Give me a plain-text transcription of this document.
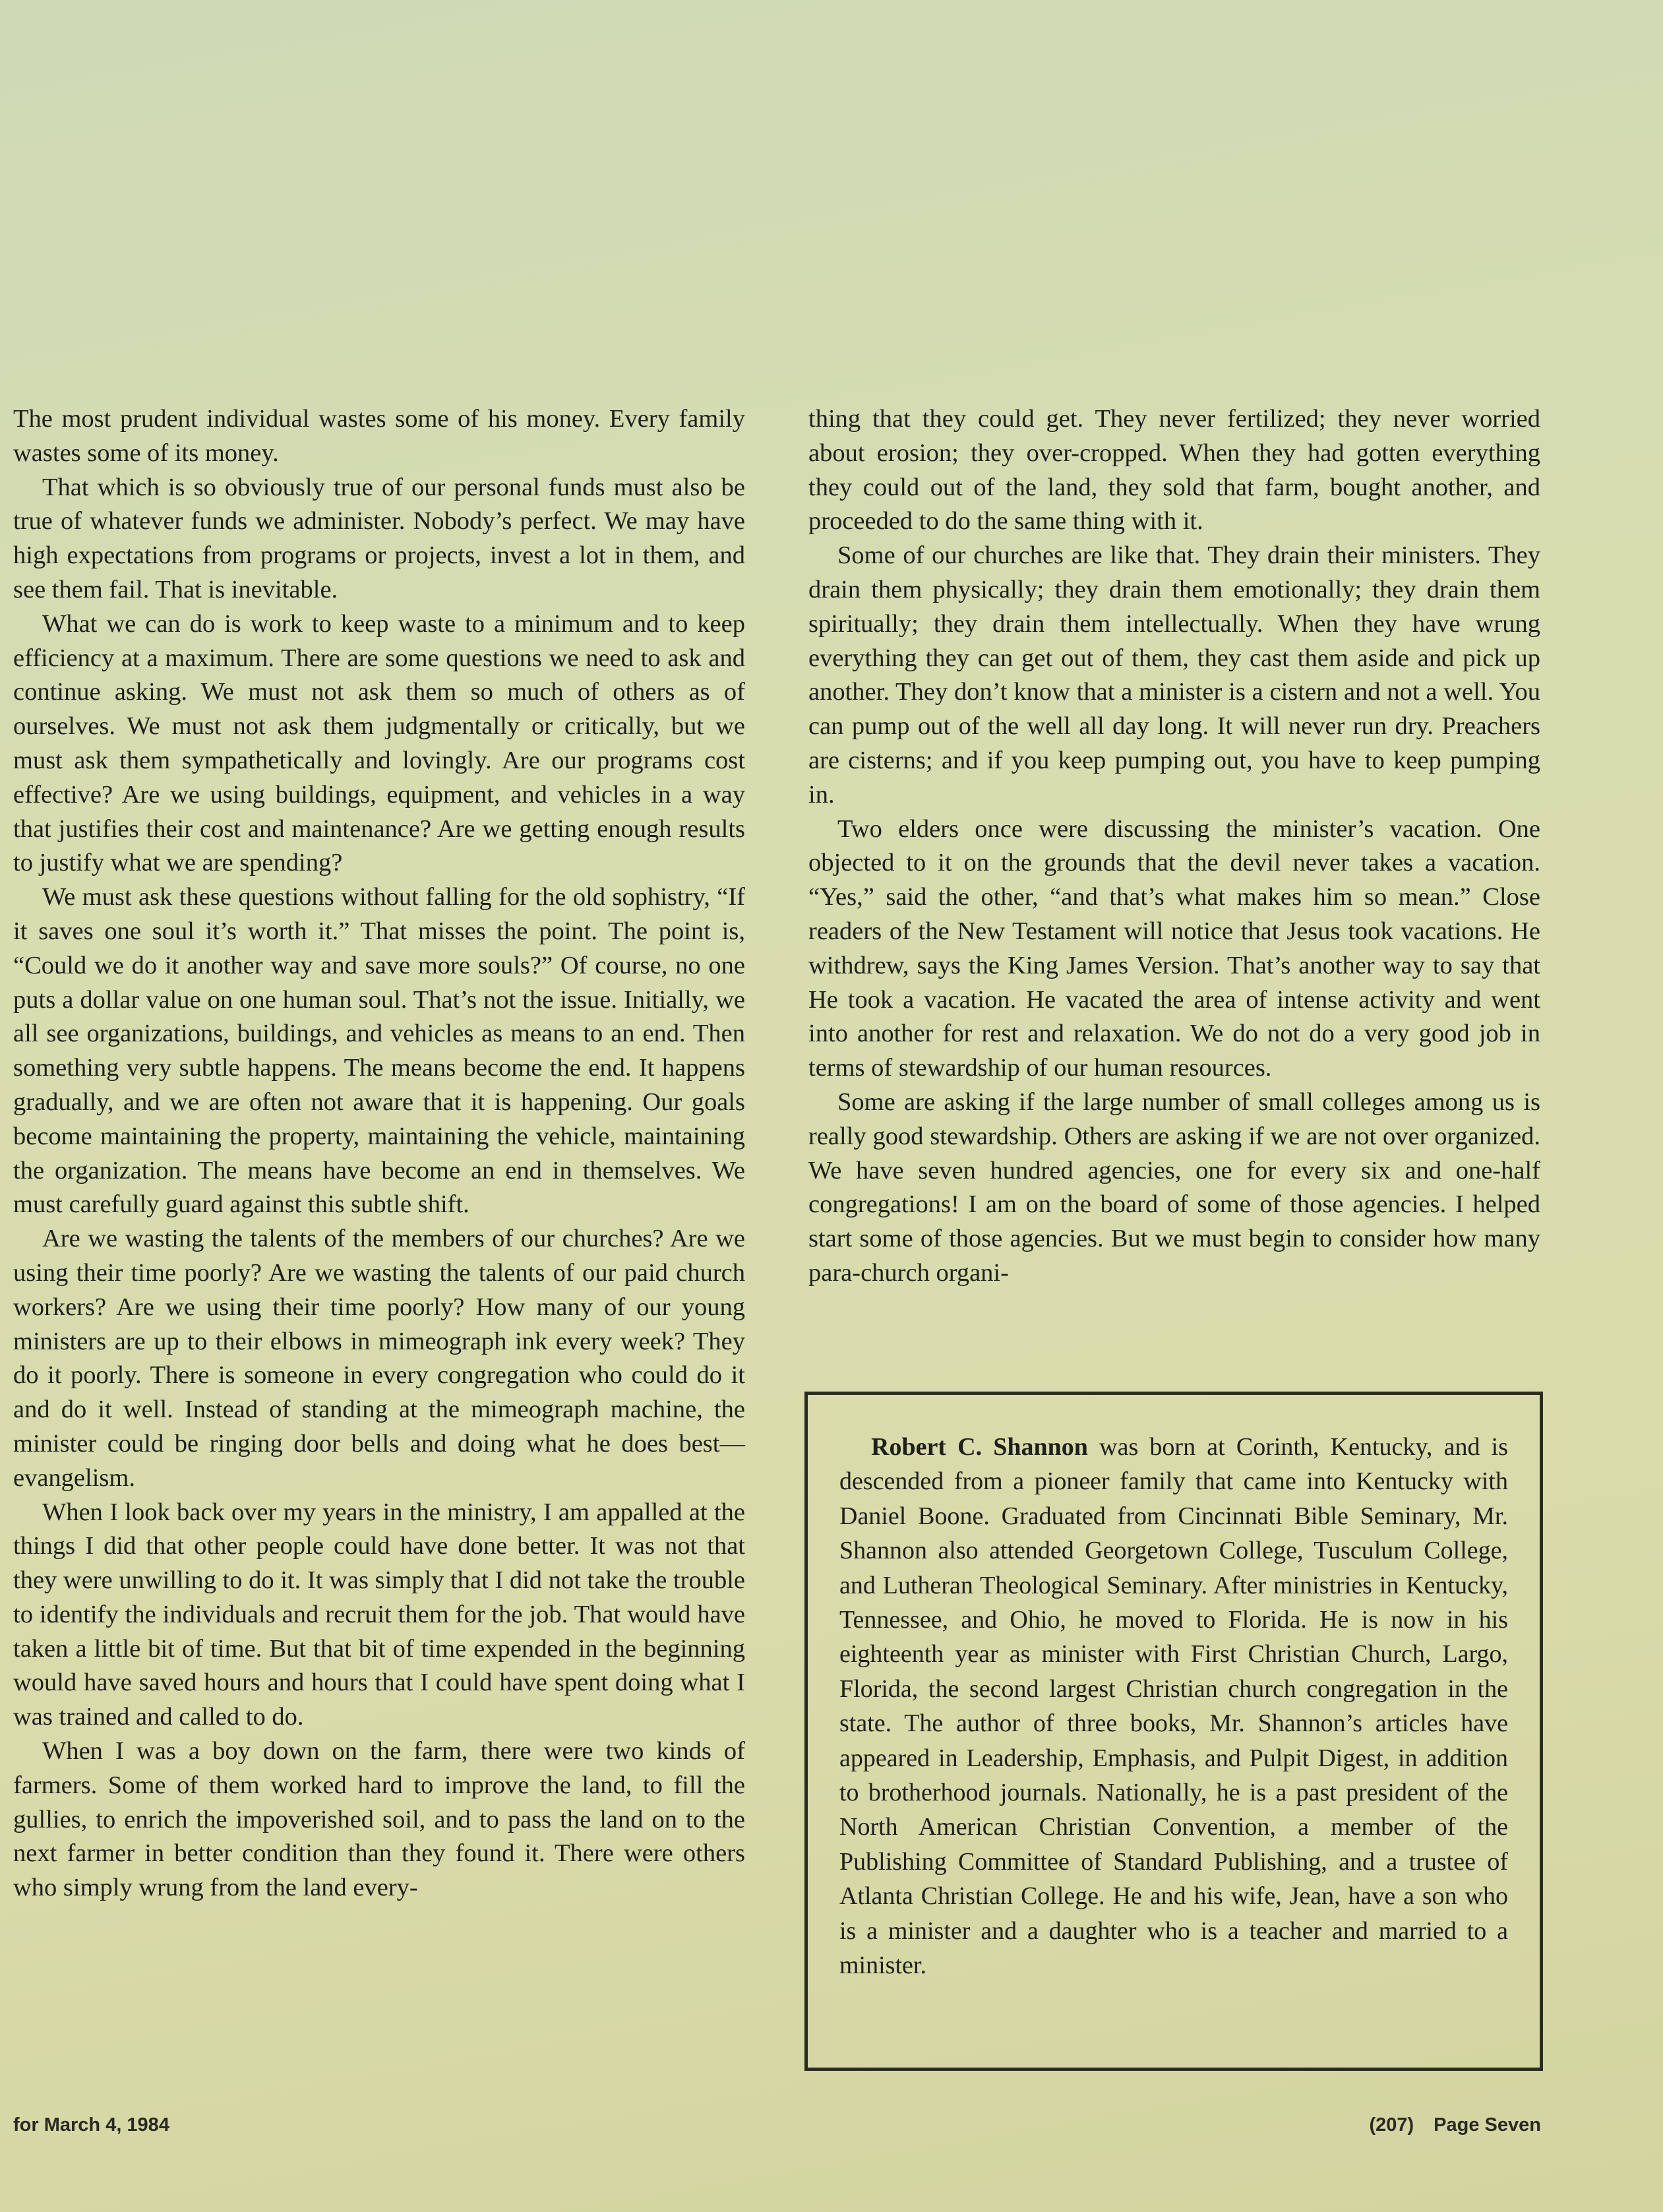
The most prudent individual wastes some of his money. Every family wastes some of its money.

That which is so obviously true of our personal funds must also be true of whatever funds we administer. Nobody’s perfect. We may have high expectations from programs or projects, invest a lot in them, and see them fail. That is inevitable.

What we can do is work to keep waste to a minimum and to keep efficiency at a maximum. There are some questions we need to ask and continue asking. We must not ask them so much of others as of ourselves. We must not ask them judgmentally or critically, but we must ask them sympathetically and lovingly. Are our programs cost effective? Are we using buildings, equipment, and vehicles in a way that justifies their cost and maintenance? Are we getting enough results to justify what we are spending?

We must ask these questions without falling for the old sophistry, “If it saves one soul it’s worth it.” That misses the point. The point is, “Could we do it another way and save more souls?” Of course, no one puts a dollar value on one human soul. That’s not the issue. Initially, we all see organizations, buildings, and vehicles as means to an end. Then something very subtle happens. The means become the end. It happens gradually, and we are often not aware that it is happening. Our goals become maintaining the property, maintaining the vehicle, maintaining the organization. The means have become an end in themselves. We must carefully guard against this subtle shift.

Are we wasting the talents of the members of our churches? Are we using their time poorly? Are we wasting the talents of our paid church workers? Are we using their time poorly? How many of our young ministers are up to their elbows in mimeograph ink every week? They do it poorly. There is someone in every congregation who could do it and do it well. Instead of standing at the mimeograph machine, the minister could be ringing door bells and doing what he does best—evangelism.

When I look back over my years in the ministry, I am appalled at the things I did that other people could have done better. It was not that they were unwilling to do it. It was simply that I did not take the trouble to identify the individuals and recruit them for the job. That would have taken a little bit of time. But that bit of time expended in the beginning would have saved hours and hours that I could have spent doing what I was trained and called to do.

When I was a boy down on the farm, there were two kinds of farmers. Some of them worked hard to improve the land, to fill the gullies, to enrich the impoverished soil, and to pass the land on to the next farmer in better condition than they found it. There were others who simply wrung from the land every-

thing that they could get. They never fertilized; they never worried about erosion; they over-cropped. When they had gotten everything they could out of the land, they sold that farm, bought another, and proceeded to do the same thing with it.

Some of our churches are like that. They drain their ministers. They drain them physically; they drain them emotionally; they drain them spiritually; they drain them intellectually. When they have wrung everything they can get out of them, they cast them aside and pick up another. They don’t know that a minister is a cistern and not a well. You can pump out of the well all day long. It will never run dry. Preachers are cisterns; and if you keep pumping out, you have to keep pumping in.

Two elders once were discussing the minister’s vacation. One objected to it on the grounds that the devil never takes a vacation. “Yes,” said the other, “and that’s what makes him so mean.” Close readers of the New Testament will notice that Jesus took vacations. He withdrew, says the King James Version. That’s another way to say that He took a vacation. He vacated the area of intense activity and went into another for rest and relaxation. We do not do a very good job in terms of stewardship of our human resources.

Some are asking if the large number of small colleges among us is really good stewardship. Others are asking if we are not over organized. We have seven hundred agencies, one for every six and one-half congregations! I am on the board of some of those agencies. I helped start some of those agencies. But we must begin to consider how many para-church organi-

Robert C. Shannon was born at Corinth, Kentucky, and is descended from a pioneer family that came into Kentucky with Daniel Boone. Graduated from Cincinnati Bible Seminary, Mr. Shannon also attended Georgetown College, Tusculum College, and Lutheran Theological Seminary. After ministries in Kentucky, Tennessee, and Ohio, he moved to Florida. He is now in his eighteenth year as minister with First Christian Church, Largo, Florida, the second largest Christian church congregation in the state. The author of three books, Mr. Shannon’s articles have appeared in Leadership, Emphasis, and Pulpit Digest, in addition to brotherhood journals. Nationally, he is a past president of the North American Christian Convention, a member of the Publishing Committee of Standard Publishing, and a trustee of Atlanta Christian College. He and his wife, Jean, have a son who is a minister and a daughter who is a teacher and married to a minister.

for March 4, 1984	(207) Page Seven
